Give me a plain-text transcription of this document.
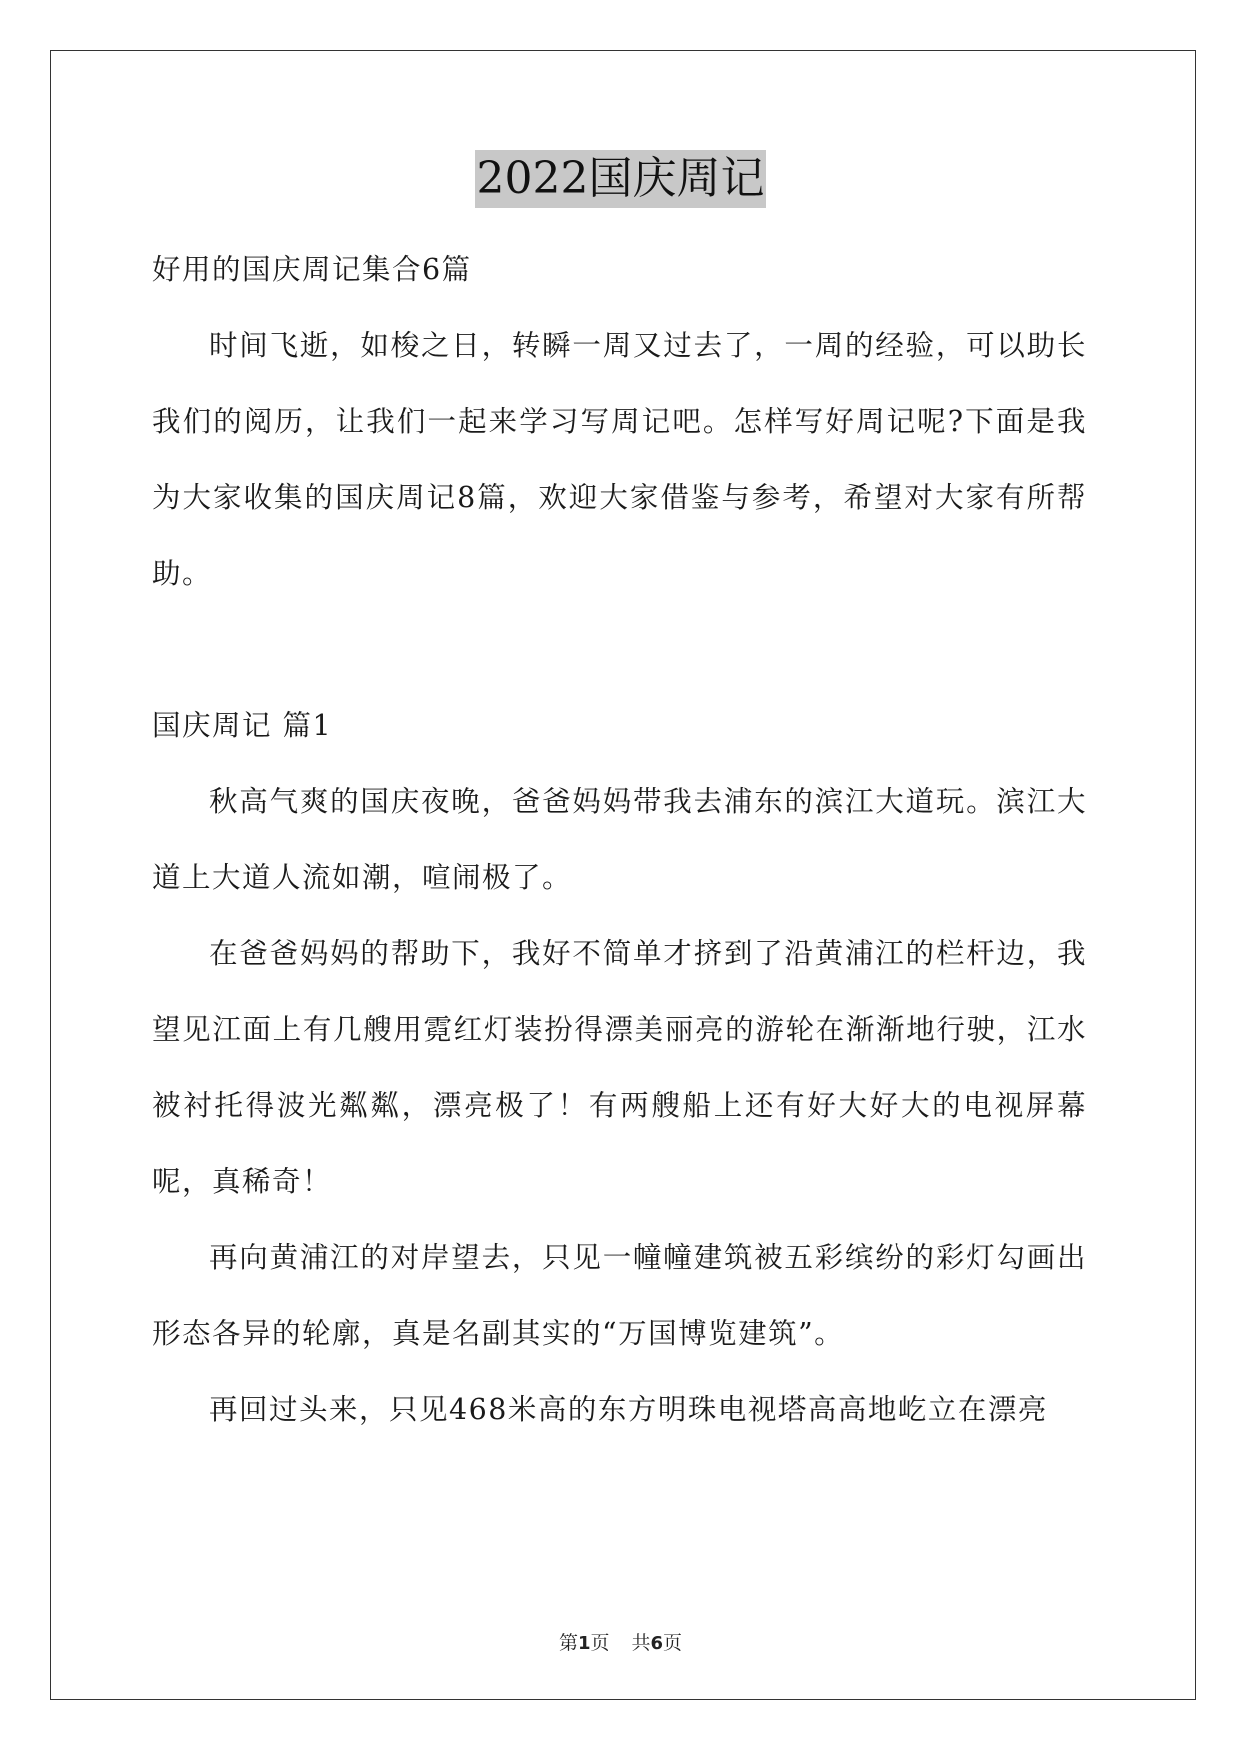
2022国庆周记

好用的国庆周记集合6篇

时间飞逝，如梭之日，转瞬一周又过去了，一周的经验，可以助长我们的阅历，让我们一起来学习写周记吧。怎样写好周记呢?下面是我为大家收集的国庆周记8篇，欢迎大家借鉴与参考，希望对大家有所帮助。

国庆周记 篇1

秋高气爽的国庆夜晚，爸爸妈妈带我去浦东的滨江大道玩。滨江大道上大道人流如潮，喧闹极了。

在爸爸妈妈的帮助下，我好不简单才挤到了沿黄浦江的栏杆边，我望见江面上有几艘用霓红灯装扮得漂美丽亮的游轮在渐渐地行驶，江水被衬托得波光粼粼，漂亮极了！有两艘船上还有好大好大的电视屏幕呢，真稀奇！

再向黄浦江的对岸望去，只见一幢幢建筑被五彩缤纷的彩灯勾画出形态各异的轮廓，真是名副其实的“万国博览建筑”。

再回过头来，只见468米高的东方明珠电视塔高高地屹立在漂亮

第1页 共6页
